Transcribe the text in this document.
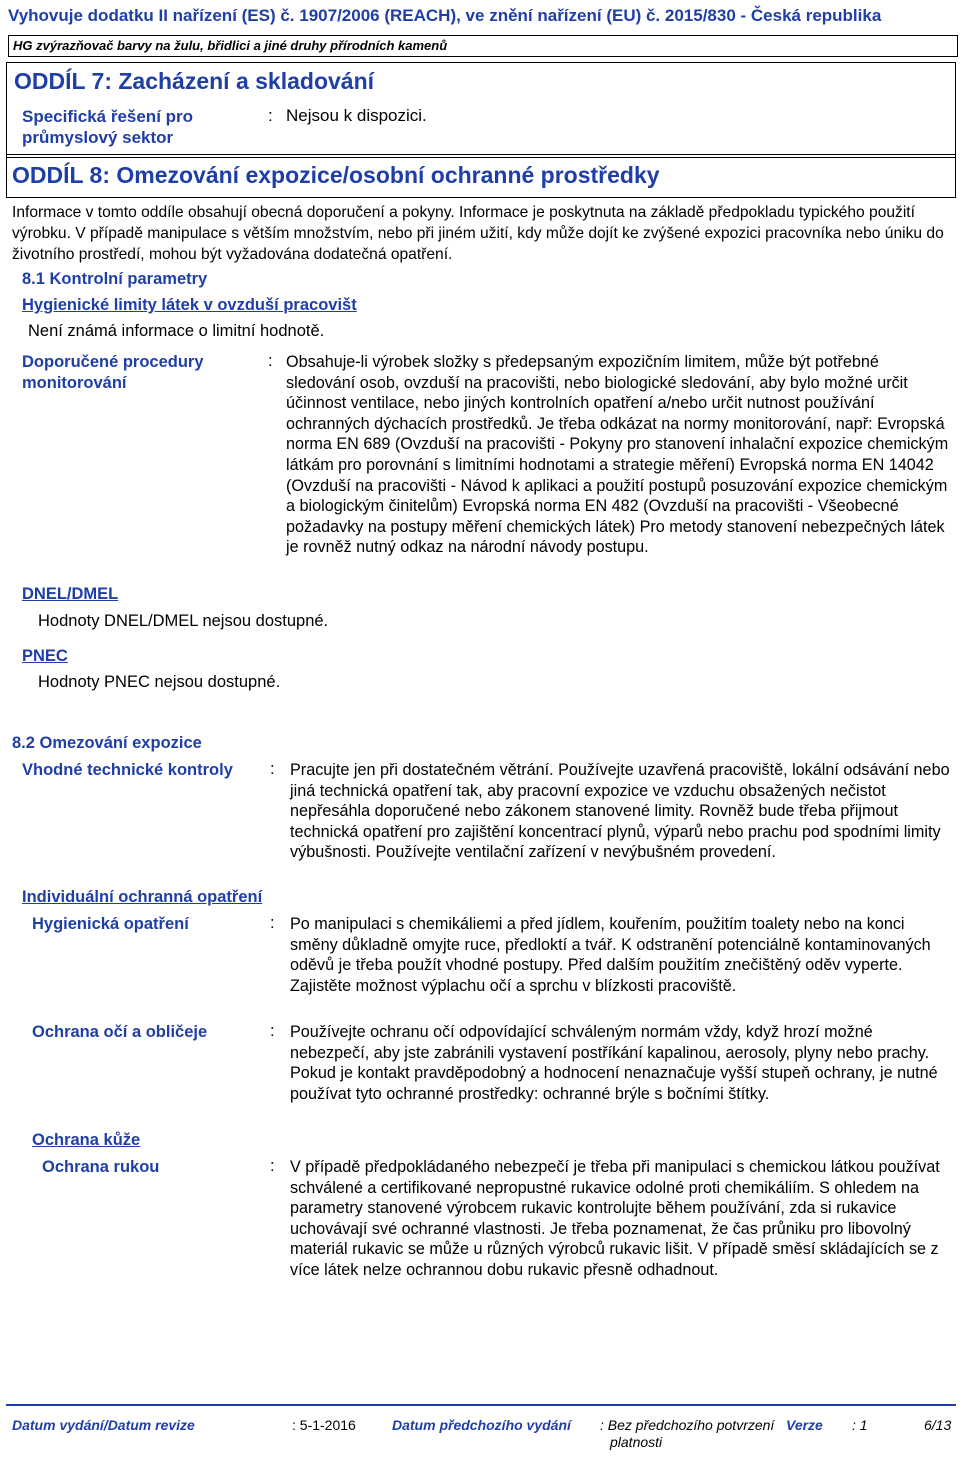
Vyhovuje dodatku II nařízení (ES) č. 1907/2006 (REACH), ve znění nařízení (EU) č. 2015/830 - Česká republika
HG zvýrazňovač barvy na žulu, břidlici a jiné druhy přírodních kamenů
ODDÍL 7: Zacházení a skladování
Specifická řešení pro průmyslový sektor
: Nejsou k dispozici.
ODDÍL 8: Omezování expozice/osobní ochranné prostředky
Informace v tomto oddíle obsahují obecná doporučení a pokyny. Informace je poskytnuta na základě předpokladu typického použití výrobku. V případě manipulace s větším množstvím, nebo při jiném užití, kdy může dojít ke zvýšené expozici pracovníka nebo úniku do životního prostředí, mohou být vyžadována dodatečná opatření.
8.1 Kontrolní parametry
Hygienické limity látek v ovzduší pracovišt
Není známá informace o limitní hodnotě.
Doporučené procedury monitorování
: Obsahuje-li výrobek složky s předepsaným expozičním limitem, může být potřebné sledování osob, ovzduší na pracovišti, nebo biologické sledování, aby bylo možné určit účinnost ventilace, nebo jiných kontrolních opatření a/nebo určit nutnost používání ochranných dýchacích prostředků. Je třeba odkázat na normy monitorování, např: Evropská norma EN 689 (Ovzduší na pracovišti - Pokyny pro stanovení inhalační expozice chemickým látkám pro porovnání s limitními hodnotami a strategie měření) Evropská norma EN 14042 (Ovzduší na pracovišti - Návod k aplikaci a použití postupů posuzování expozice chemickým a biologickým činitelům) Evropská norma EN 482 (Ovzduší na pracovišti - Všeobecné požadavky na postupy měření chemických látek) Pro metody stanovení nebezpečných látek je rovněž nutný odkaz na národní návody postupu.
DNEL/DMEL
Hodnoty DNEL/DMEL nejsou dostupné.
PNEC
Hodnoty PNEC nejsou dostupné.
8.2 Omezování expozice
Vhodné technické kontroly : Pracujte jen při dostatečném větrání. Používejte uzavřená pracoviště, lokální odsávání nebo jiná technická opatření tak, aby pracovní expozice ve vzduchu obsažených nečistot nepřesáhla doporučené nebo zákonem stanovené limity. Rovněž bude třeba přijmout technická opatření pro zajištění koncentrací plynů, výparů nebo prachu pod spodními limity výbušnosti. Používejte ventilační zařízení v nevýbušném provedení.
Individuální ochranná opatření
Hygienická opatření	: Po manipulaci s chemikáliemi a před jídlem, kouřením, použitím toalety nebo na konci směny důkladně omyjte ruce, předloktí a tvář. K odstranění potenciálně kontaminovaných oděvů je třeba použít vhodné postupy. Před dalším použitím znečištěný oděv vyperte. Zajistěte možnost výplachu očí a sprchu v blízkosti pracoviště.
Ochrana očí a obličeje	: Používejte ochranu očí odpovídající schváleným normám vždy, když hrozí možné nebezpečí, aby jste zabránili vystavení postříkání kapalinou, aerosoly, plyny nebo prachy. Pokud je kontakt pravděpodobný a hodnocení nenaznačuje vyšší stupeň ochrany, je nutné používat tyto ochranné prostředky: ochranné brýle s bočními štítky.
Ochrana kůže
Ochrana rukou	: V případě předpokládaného nebezpečí je třeba při manipulaci s chemickou látkou používat schválené a certifikované nepropustné rukavice odolné proti chemikáliím. S ohledem na parametry stanovené výrobcem rukavic kontrolujte během používání, zda si rukavice uchovávají své ochranné vlastnosti. Je třeba poznamenat, že čas průniku pro libovolný materiál rukavic se může u různých výrobců rukavic lišit. V případě směsí skládajících se z více látek nelze ochrannou dobu rukavic přesně odhadnout.
Datum vydání/Datum revize	: 5-1-2016	Datum předchozího vydání : Bez předchozího potvrzení
platnosti
Verze : 1	6/13
